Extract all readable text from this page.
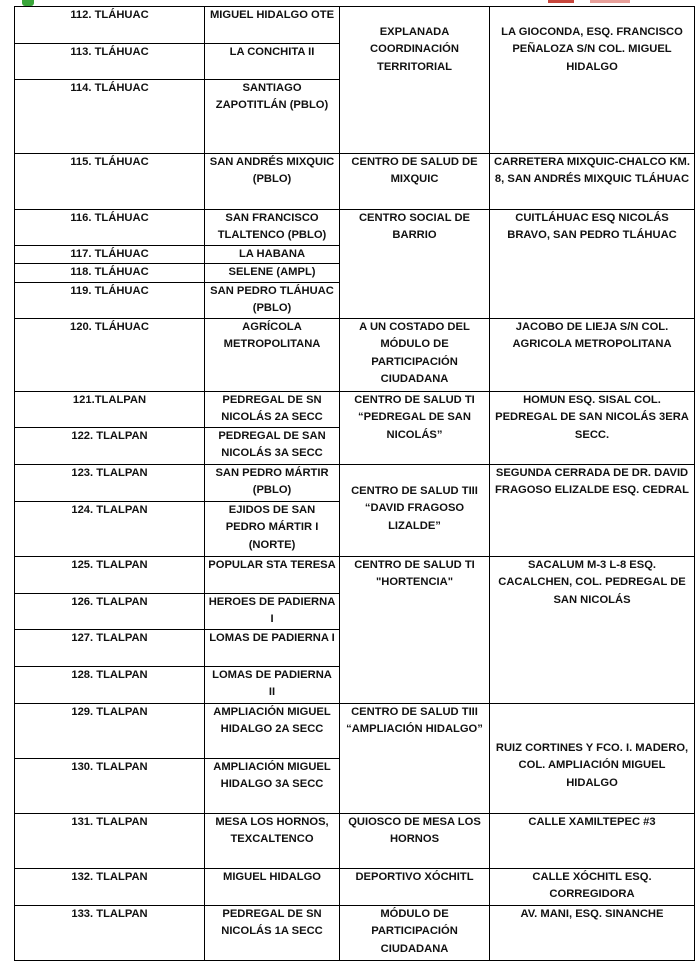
112. TLÁHUAC	MIGUEL HIDALGO OTE	EXPLANADA COORDINACIÓN TERRITORIAL	LA GIOCONDA, ESQ. FRANCISCO PEÑALOZA S/N COL. MIGUEL HIDALGO
113. TLÁHUAC	LA CONCHITA II		
114. TLÁHUAC	SANTIAGO ZAPOTITLÁN (PBLO)		
115. TLÁHUAC	SAN ANDRÉS MIXQUIC (PBLO)	CENTRO DE SALUD DE MIXQUIC	CARRETERA MIXQUIC-CHALCO KM. 8, SAN ANDRÉS MIXQUIC TLÁHUAC
116. TLÁHUAC	SAN FRANCISCO TLALTENCO (PBLO)	CENTRO SOCIAL DE BARRIO	CUITLÁHUAC ESQ NICOLÁS BRAVO, SAN PEDRO TLÁHUAC
117. TLÁHUAC	LA HABANA		
118. TLÁHUAC	SELENE (AMPL)		
119. TLÁHUAC	SAN PEDRO TLÁHUAC (PBLO)		
120. TLÁHUAC	AGRÍCOLA METROPOLITANA	A UN COSTADO DEL MÓDULO DE PARTICIPACIÓN CIUDADANA	JACOBO DE LIEJA S/N COL. AGRICOLA METROPOLITANA
121.TLALPAN	PEDREGAL DE SN NICOLÁS 2A SECC	CENTRO DE SALUD TI “PEDREGAL DE SAN NICOLÁS”	HOMUN ESQ. SISAL COL. PEDREGAL DE SAN NICOLÁS 3ERA SECC.
122. TLALPAN	PEDREGAL DE SAN NICOLÁS 3A SECC		
123. TLALPAN	SAN PEDRO MÁRTIR (PBLO)	CENTRO DE SALUD TIII “DAVID FRAGOSO LIZALDE”	SEGUNDA CERRADA DE DR. DAVID FRAGOSO ELIZALDE ESQ. CEDRAL
124. TLALPAN	EJIDOS DE SAN PEDRO MÁRTIR I (NORTE)		
125. TLALPAN	POPULAR STA TERESA	CENTRO DE SALUD TI "HORTENCIA"	SACALUM M-3 L-8 ESQ. CACALCHEN, COL. PEDREGAL DE SAN NICOLÁS
126. TLALPAN	HEROES DE PADIERNA I		
127. TLALPAN	LOMAS DE PADIERNA I		
128. TLALPAN	LOMAS DE PADIERNA II		
129. TLALPAN	AMPLIACIÓN MIGUEL HIDALGO 2A SECC	CENTRO DE SALUD TIII “AMPLIACIÓN HIDALGO”	RUIZ CORTINES Y FCO. I. MADERO, COL. AMPLIACIÓN MIGUEL HIDALGO
130. TLALPAN	AMPLIACIÓN MIGUEL HIDALGO 3A SECC		
131. TLALPAN	MESA LOS HORNOS, TEXCALTENCO	QUIOSCO DE MESA LOS HORNOS	CALLE XAMILTEPEC #3
132. TLALPAN	MIGUEL HIDALGO	DEPORTIVO XÓCHITL	CALLE XÓCHITL ESQ. CORREGIDORA
133. TLALPAN	PEDREGAL DE SN NICOLÁS 1A SECC	MÓDULO DE PARTICIPACIÓN CIUDADANA	AV. MANI, ESQ. SINANCHE
